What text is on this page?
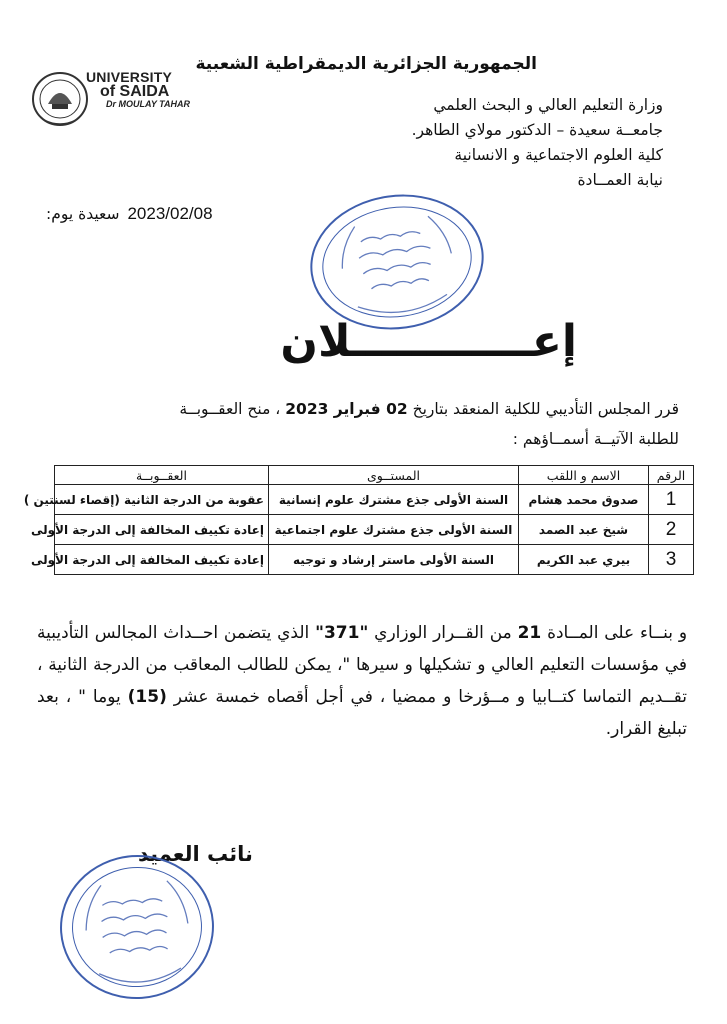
الجمهورية الجزائرية الديمقراطية الشعبية
UNIVERSITY
of SAIDA
Dr MOULAY TAHAR	وزارة التعليم العالي و البحث العلمي
جامعــة سعيدة – الدكتور مولاي الطاهر.
كلية العلوم الاجتماعية و الانسانية
نيابة العمــادة
سعيدة يوم: 2023/02/08
إعــــــــــــلان
قرر المجلس التأديبي للكلية المنعقد بتاريخ 02 فبراير 2023 ، منح العقــوبــة
للطلبة الآتيــة أسمــاؤهم :
الرقم	الاسم و اللقب	المستــوى	العقــوبــة
1	صدوق محمد هشام	السنة الأولى جذع مشترك علوم إنسانية	عقوبة من الدرجة الثانية (إقصاء لسنتين )
2	شيخ عبد الصمد	السنة الأولى جذع مشترك علوم اجتماعية	إعادة تكييف المخالفة إلى الدرجة الأولى
3	بيري عبد الكريم	السنة الأولى ماستر إرشاد و توجيه	إعادة تكييف المخالفة إلى الدرجة الأولى
و بنــاء على المــادة 21 من القــرار الوزاري "371" الذي يتضمن احــداث المجالس التأديبية في مؤسسات التعليم العالي و تشكيلها و سيرها "، يمكن للطالب المعاقب من الدرجة الثانية ، تقــديم التماسا كتــابيا و مــؤرخا و ممضيا ، في أجل أقصاه خمسة عشر (15) يوما " ، بعد تبليغ القرار.
نائب العميد
